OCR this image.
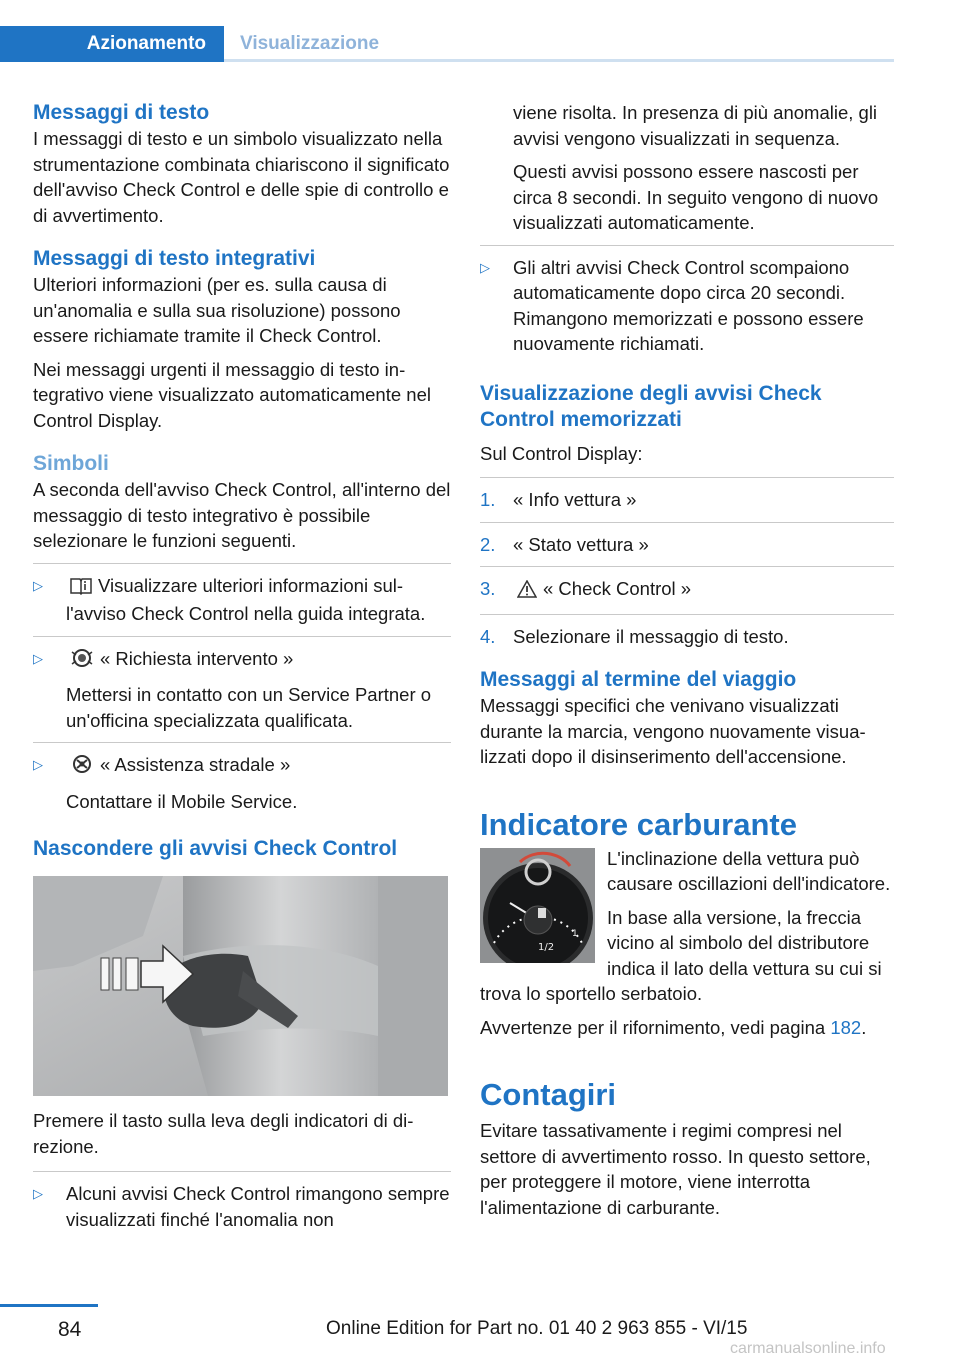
Azionamento	Visualizzazione
Messaggi di testo

I messaggi di testo e un simbolo visualizzato nella strumentazione combinata chiariscono il significato dell'avviso Check Control e delle spie di controllo e di avvertimento.

Messaggi di testo integrativi

Ulteriori informazioni (per es. sulla causa di un'anomalia e sulla sua risoluzione) possono essere richiamate tramite il Check Control.

Nei messaggi urgenti il messaggio di testo integrativo viene visualizzato automaticamente nel Control Display.

Simboli

A seconda dell'avviso Check Control, all'interno del messaggio di testo integrativo è possibile selezionare le funzioni seguenti.

▷	Visualizzare ulteriori informazioni sull'avviso Check Control nella guida integrata.
▷	« Richiesta intervento »

Mettersi in contatto con un Service Partner o un'officina specializzata qualificata.

▷	« Assistenza stradale »

Contattare il Mobile Service.

Nascondere gli avvisi Check Control

Premere il tasto sulla leva degli indicatori di direzione.

▷ Alcuni avvisi Check Control rimangono sempre visualizzati finché l'anomalia non

viene risolta. In presenza di più anomalie, gli avvisi vengono visualizzati in sequenza.

Questi avvisi possono essere nascosti per circa 8 secondi. In seguito vengono di nuovo visualizzati automaticamente.

▷ Gli altri avvisi Check Control scompaiono automaticamente dopo circa 20 secondi. Rimangono memorizzati e possono essere nuovamente richiamati.
Visualizzazione degli avvisi Check Control memorizzati

Sul Control Display:

1. « Info vettura »
2. « Stato vettura »
3.	« Check Control »
4. Selezionare il messaggio di testo.
Messaggi al termine del viaggio

Messaggi specifici che venivano visualizzati durante la marcia, vengono nuovamente visualizzati dopo il disinserimento dell'accensione.

Indicatore carburante
1/2
1

L'inclinazione della vettura può causare oscillazioni dell'indicatore.

In base alla versione, la freccia vicino al simbolo del distributore indica il lato della vettura su cui si trova lo sportello serbatoio.

Avvertenze per il rifornimento, vedi pagina 182.

Contagiri

Evitare tassativamente i regimi compresi nel settore di avvertimento rosso. In questo settore, per proteggere il motore, viene interrotta l'alimentazione di carburante.

84	Online Edition for Part no. 01 40 2 963 855 - VI/15
carmanualsonline.info
